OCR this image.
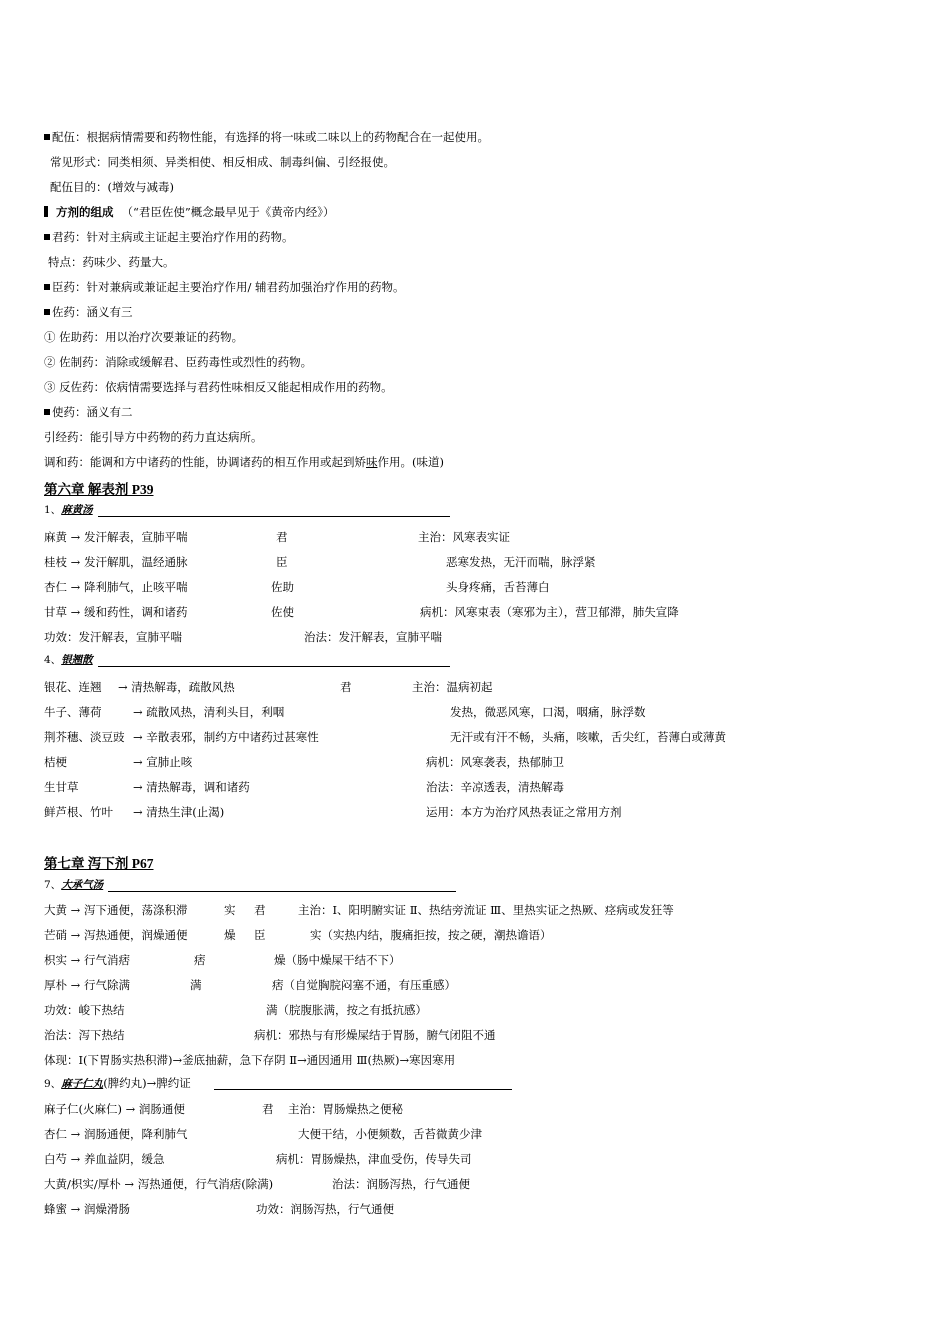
配伍：根据病情需要和药物性能，有选择的将一味或二味以上的药物配合在一起使用。
常见形式：同类相须、异类相使、相反相成、制毒纠偏、引经报使。
配伍目的：(增效与减毒)
方剂的组成 （“君臣佐使”概念最早见于《黄帝内经》）
君药：针对主病或主证起主要治疗作用的药物。
特点：药味少、药量大。
臣药：针对兼病或兼证起主要治疗作用/ 辅君药加强治疗作用的药物。
佐药：涵义有三
① 佐助药：用以治疗次要兼证的药物。
② 佐制药：消除或缓解君、臣药毒性或烈性的药物。
③ 反佐药：依病情需要选择与君药性味相反又能起相成作用的药物。
使药：涵义有二
引经药：能引导方中药物的药力直达病所。
调和药：能调和方中诸药的性能，协调诸药的相互作用或起到矫味作用。(味道)
第六章 解表剂 P39
1、麻黄汤
麻黄 → 发汗解表，宣肺平喘	君	主治：风寒表实证
桂枝 → 发汗解肌，温经通脉	臣	恶寒发热，无汗而喘，脉浮紧
杏仁 → 降利肺气，止咳平喘	佐助	头身疼痛，舌苔薄白
甘草 → 缓和药性，调和诸药	佐使	病机：风寒束表（寒邪为主），营卫郁滞，肺失宣降
功效：发汗解表，宣肺平喘	治法：发汗解表，宣肺平喘
4、银翘散
银花、连翘 → 清热解毒，疏散风热	君	主治：温病初起
牛子、薄荷	→ 疏散风热，清利头目，利咽	发热，微恶风寒，口渴，咽痛，脉浮数
荆芥穗、淡豆豉 → 辛散表邪，制约方中诸药过甚寒性	无汗或有汗不畅，头痛，咳嗽，舌尖红，苔薄白或薄黄
桔梗	→ 宣肺止咳	病机：风寒袭表，热郁肺卫
生甘草	→ 清热解毒，调和诸药	治法：辛凉透表，清热解毒
鲜芦根、竹叶 → 清热生津(止渴)	运用：本方为治疗风热表证之常用方剂
第七章 泻下剂 P67
7、大承气汤
大黄 → 泻下通便，荡涤积滞	实 君	主治：Ⅰ、阳明腑实证 Ⅱ、热结旁流证 Ⅲ、里热实证之热厥、痉病或发狂等
芒硝 → 泻热通便，润燥通便	燥 臣	实（实热内结，腹痛拒按，按之硬，潮热谵语）
枳实 → 行气消痞	痞	燥（肠中燥屎干结不下）
厚朴 → 行气除满	满	痞（自觉胸脘闷塞不通，有压重感）
功效：峻下热结	满（脘腹胀满，按之有抵抗感）
治法：泻下热结	病机：邪热与有形燥屎结于胃肠，腑气闭阻不通
体现：Ⅰ(下胃肠实热积滞)→釜底抽薪，急下存阴 Ⅱ→通因通用 Ⅲ(热厥)→寒因寒用
9、麻子仁丸(脾约丸)→脾约证
麻子仁(火麻仁) → 润肠通便	君 主治：胃肠燥热之便秘
杏仁 → 润肠通便，降利肺气	大便干结，小便频数，舌苔微黄少津
白芍 → 养血益阴，缓急	病机：胃肠燥热，津血受伤，传导失司
大黄/枳实/厚朴 → 泻热通便，行气消痞(除满)	治法：润肠泻热，行气通便
蜂蜜 → 润燥滑肠	功效：润肠泻热，行气通便
